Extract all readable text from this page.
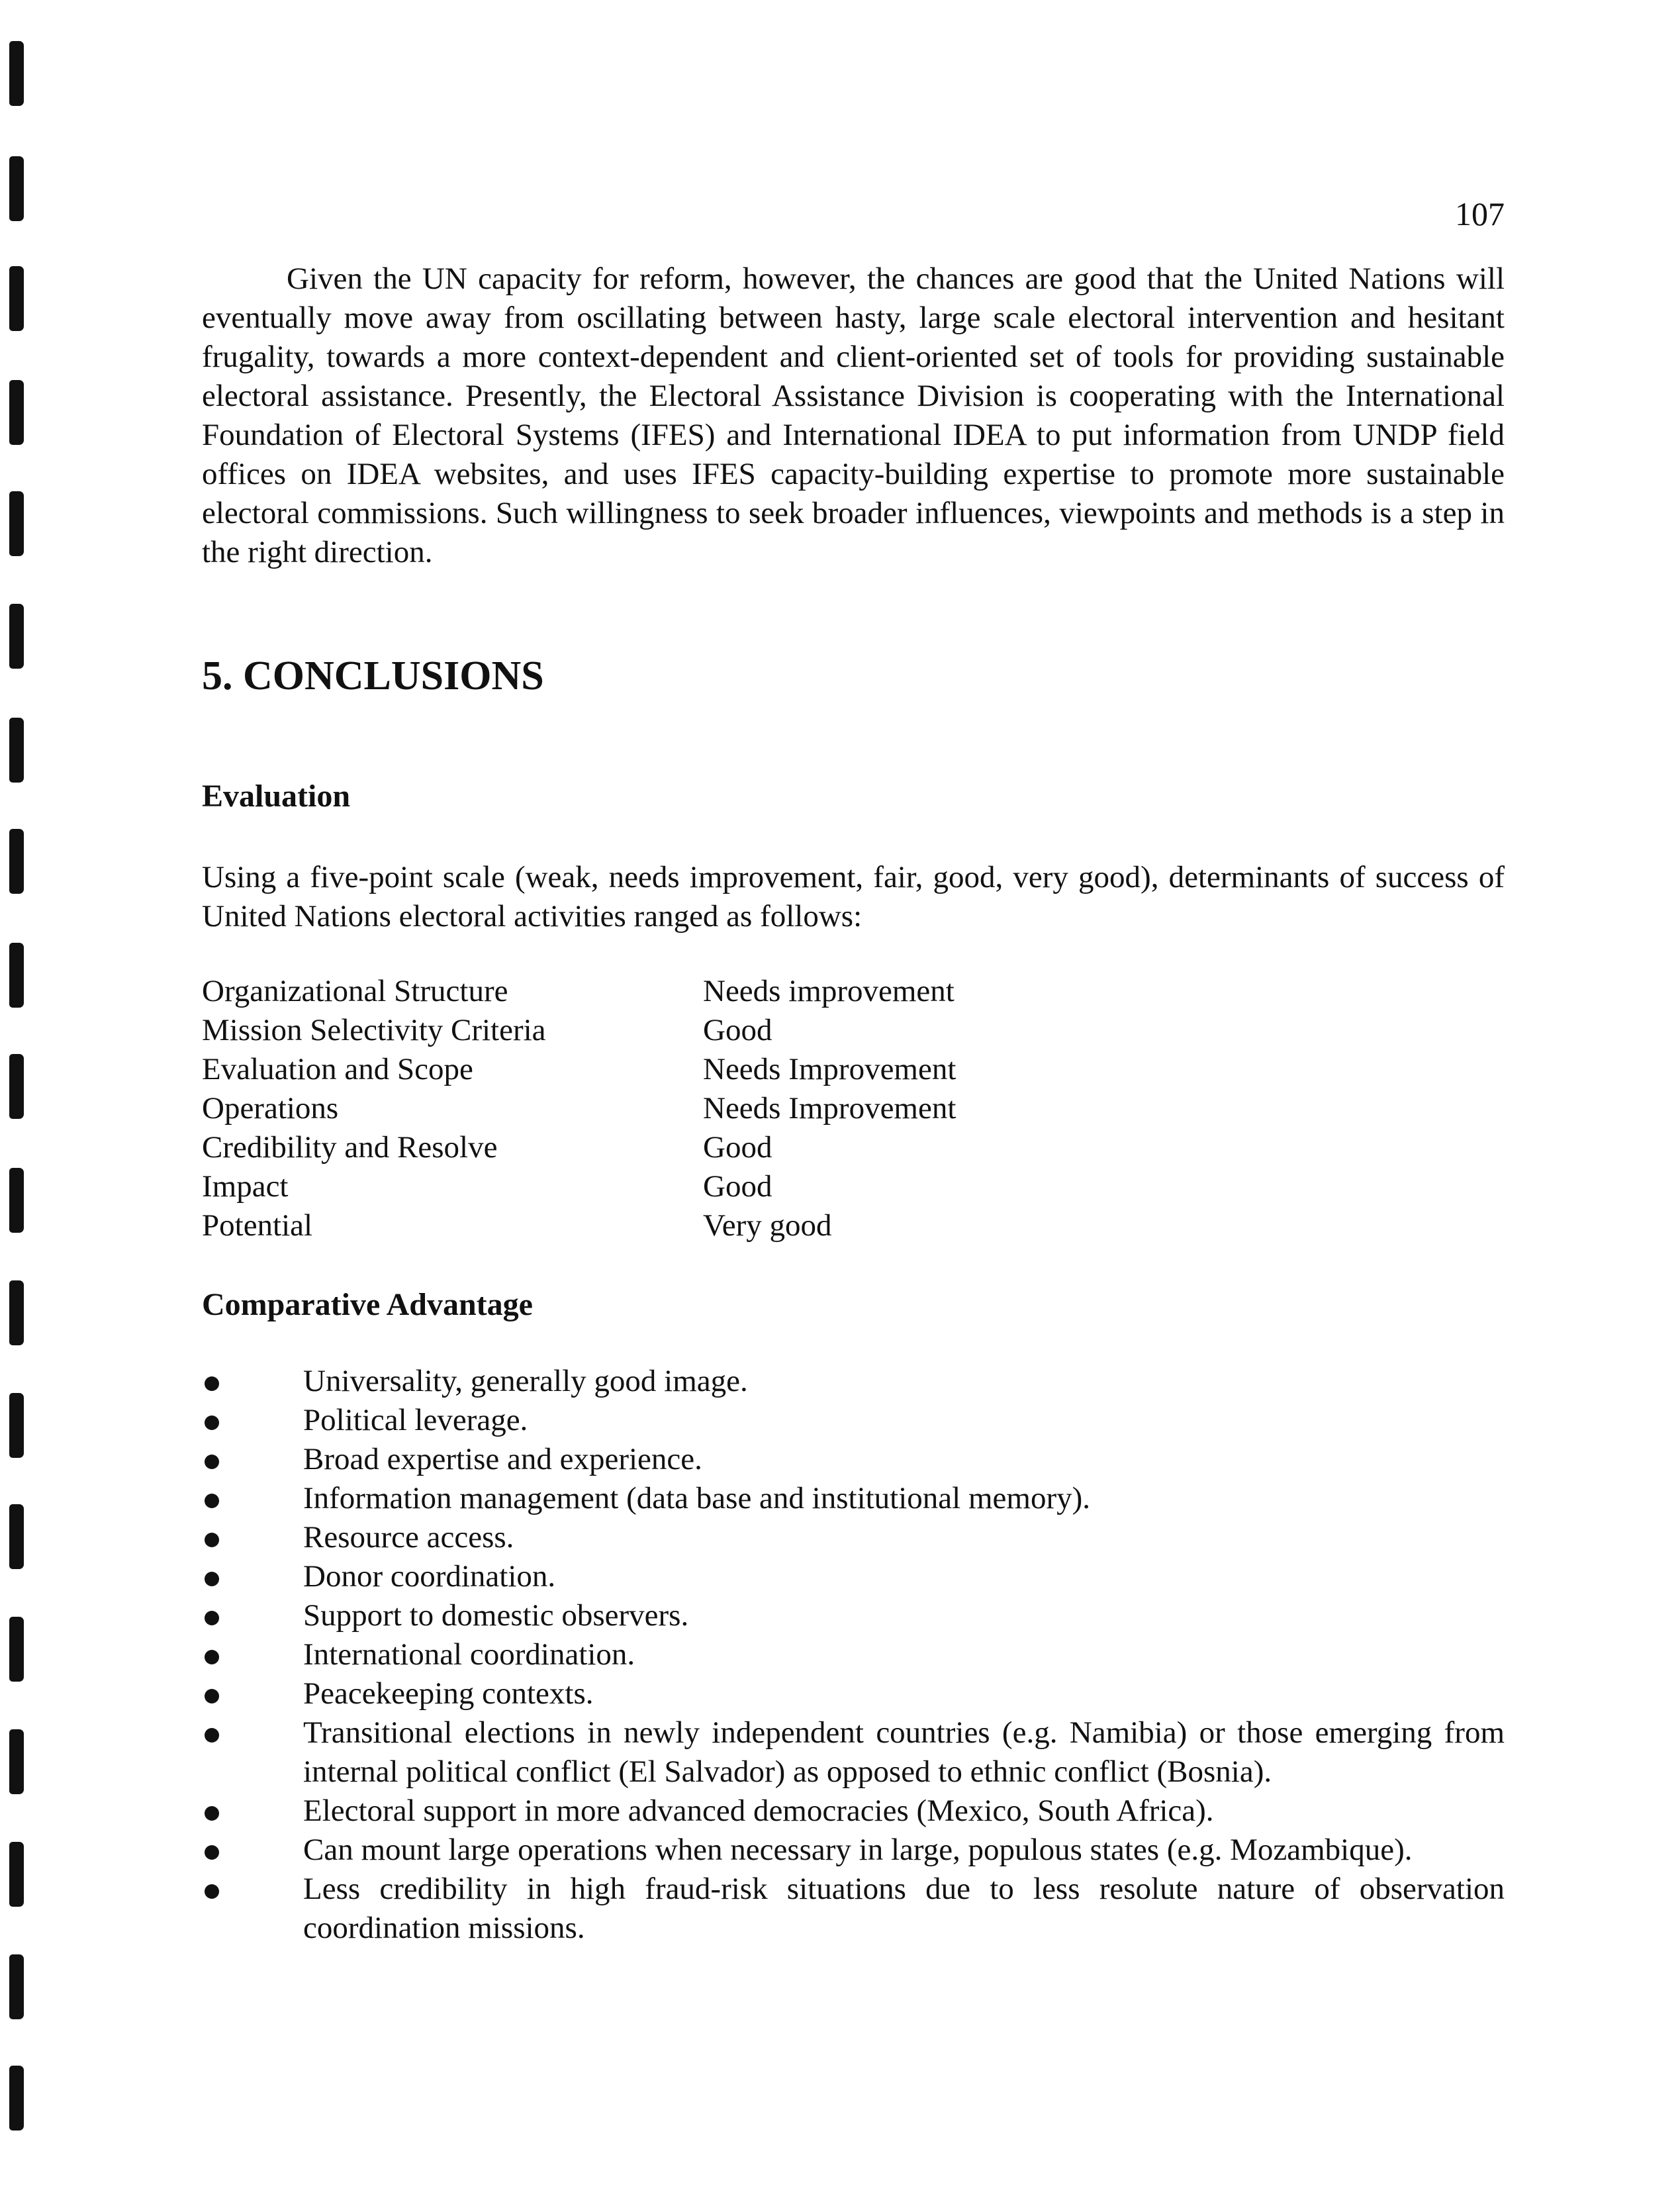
107

Given the UN capacity for reform, however, the chances are good that the United Nations will eventually move away from oscillating between hasty, large scale electoral intervention and hesitant frugality, towards a more context-dependent and client-oriented set of tools for providing sustainable electoral assistance. Presently, the Electoral Assistance Division is cooperating with the International Foundation of Electoral Systems (IFES) and International IDEA to put information from UNDP field offices on IDEA websites, and uses IFES capacity-building expertise to promote more sustainable electoral commissions. Such willingness to seek broader influences, viewpoints and methods is a step in the right direction.

5. CONCLUSIONS
Evaluation

Using a five-point scale (weak, needs improvement, fair, good, very good), determinants of success of United Nations electoral activities ranged as follows:

Organizational Structure	Needs improvement
Mission Selectivity Criteria	Good
Evaluation and Scope	Needs Improvement
Operations	Needs Improvement
Credibility and Resolve	Good
Impact	Good
Potential	Very good
Comparative Advantage
Universality, generally good image.
Political leverage.
Broad expertise and experience.
Information management (data base and institutional memory).
Resource access.
Donor coordination.
Support to domestic observers.
International coordination.
Peacekeeping contexts.
Transitional elections in newly independent countries (e.g. Namibia) or those emerging from internal political conflict (El Salvador) as opposed to ethnic conflict (Bosnia).
Electoral support in more advanced democracies (Mexico, South Africa).
Can mount large operations when necessary in large, populous states (e.g. Mozambique).
Less credibility in high fraud-risk situations due to less resolute nature of observation coordination missions.
